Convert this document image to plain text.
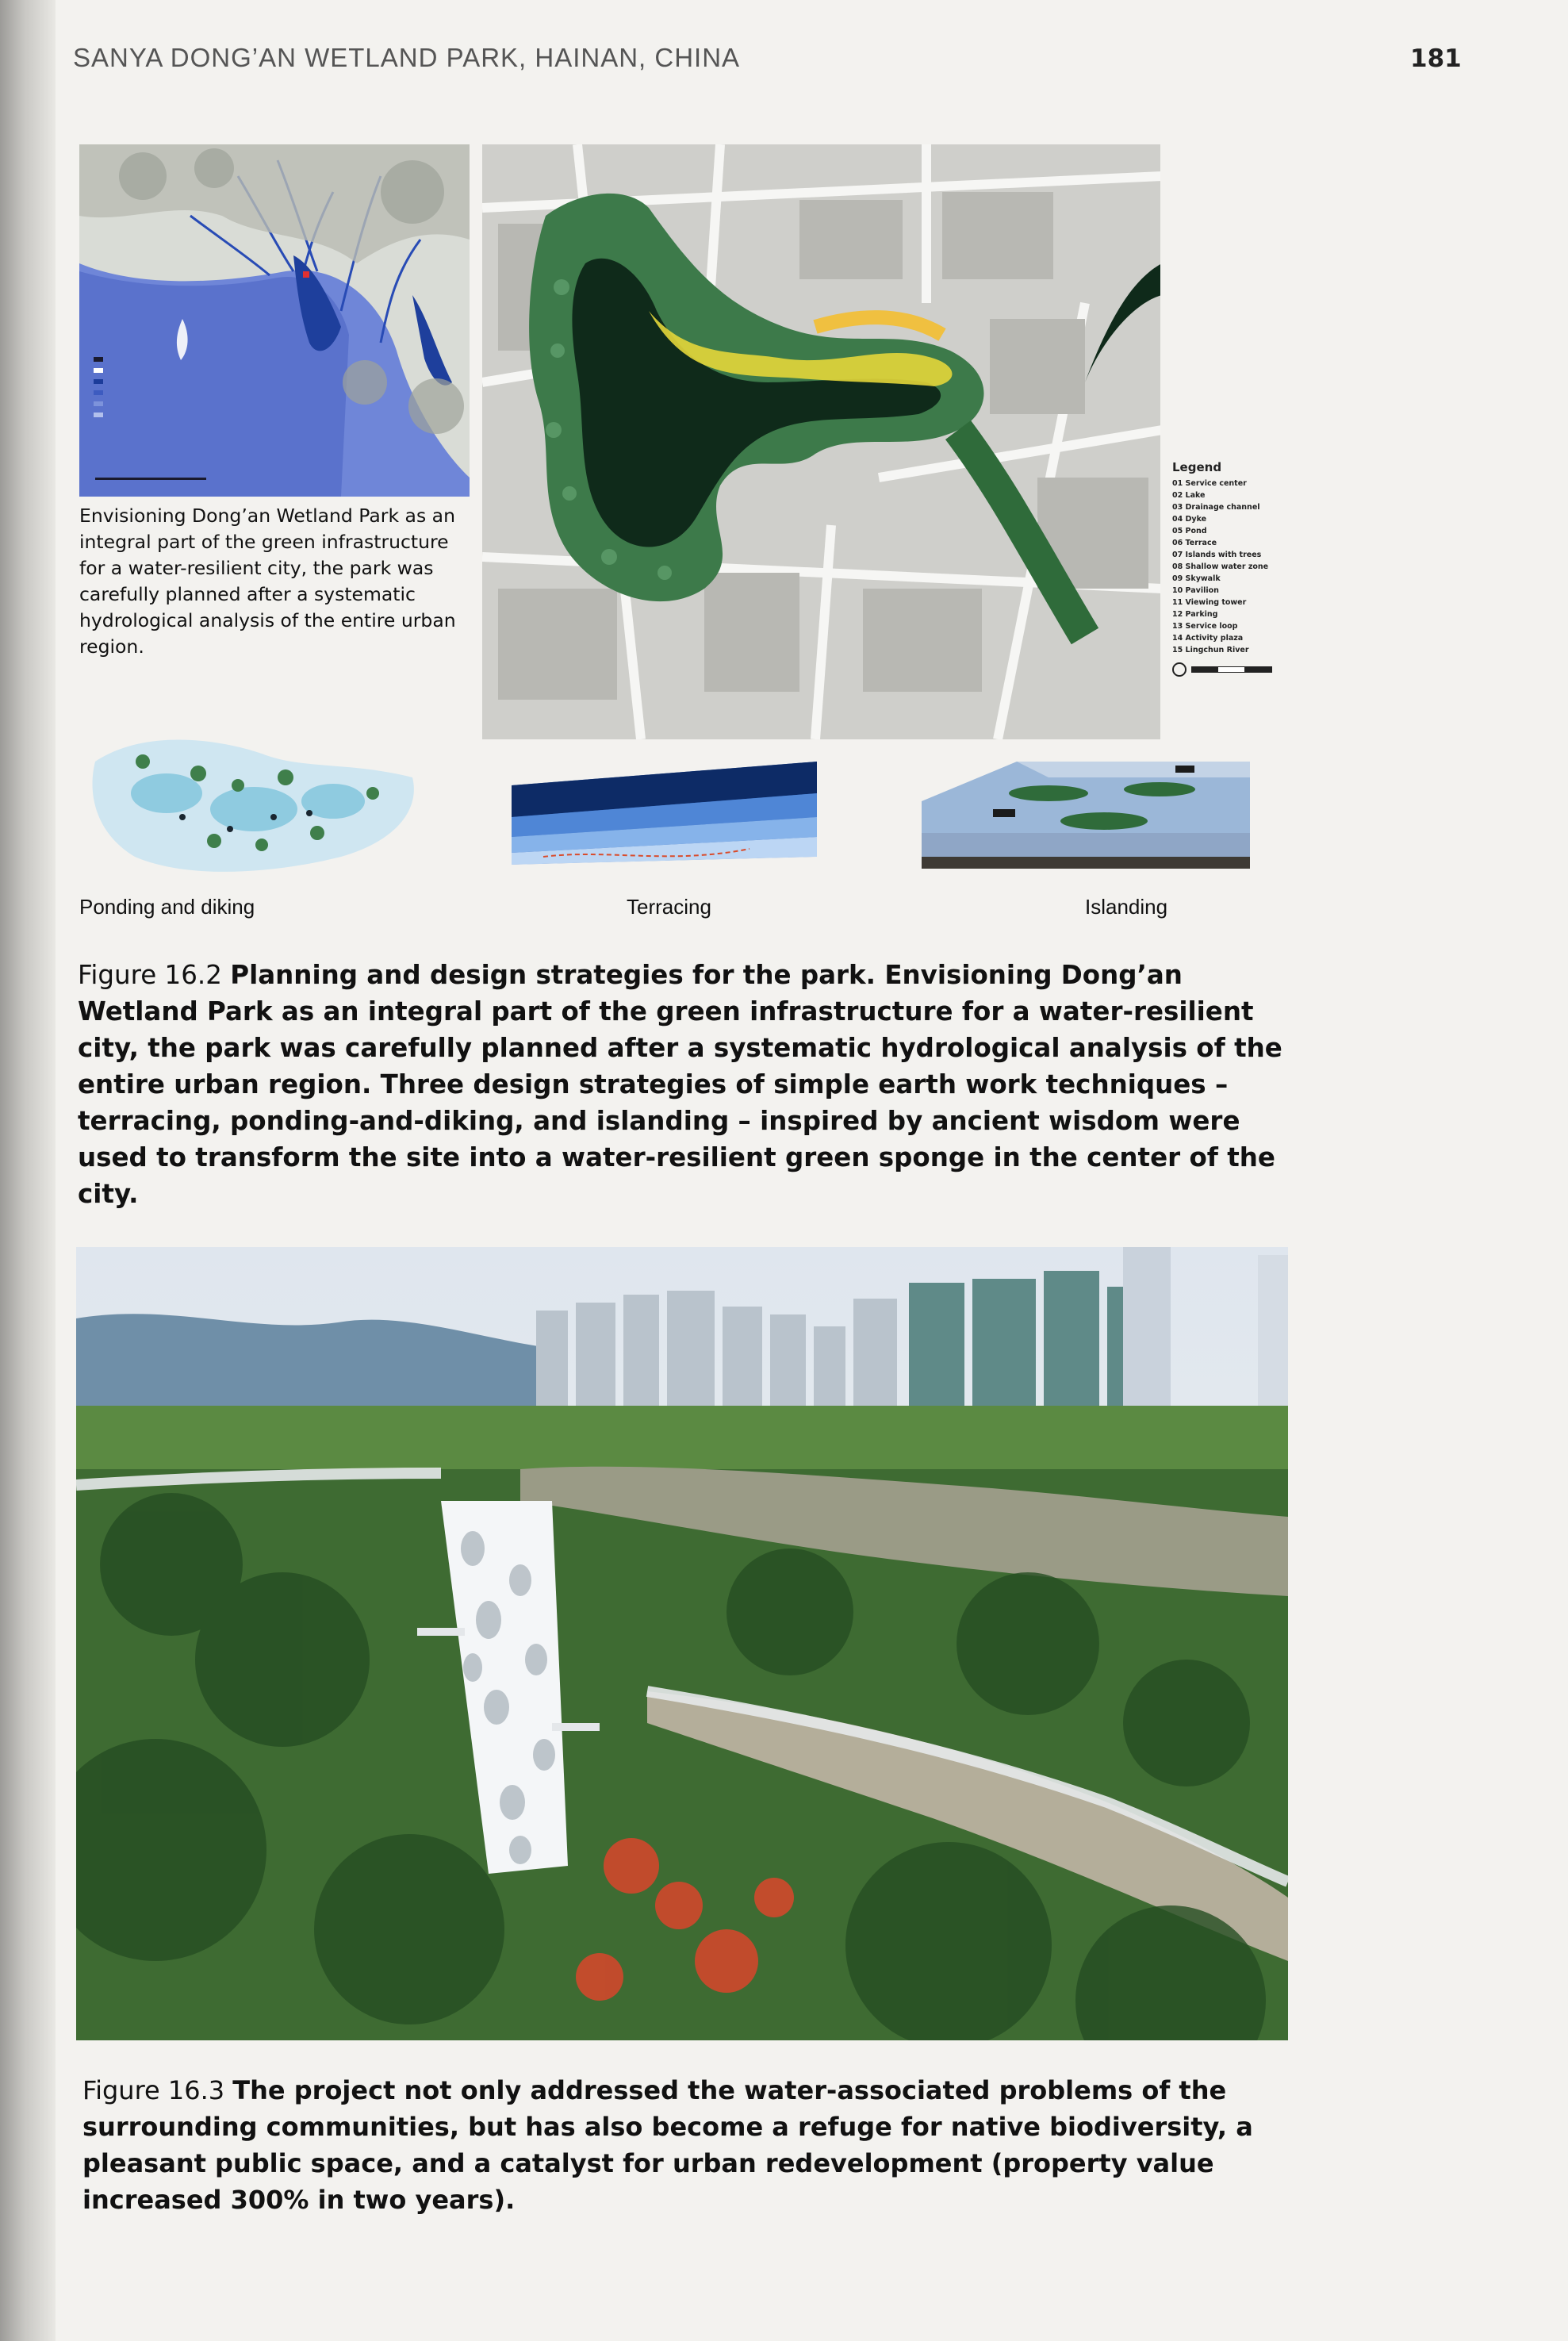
SANYA DONG’AN WETLAND PARK, HAINAN, CHINA	181
Envisioning Dong’an Wetland Park as an integral part of the green infrastructure for a water-resilient city, the park was carefully planned after a systematic hydrological analysis of the entire urban region.
Legend
01 Service center
02 Lake
03 Drainage channel
04 Dyke
05 Pond
06 Terrace
07 Islands with trees
08 Shallow water zone
09 Skywalk
10 Pavilion
11 Viewing tower
12 Parking
13 Service loop
14 Activity plaza
15 Lingchun River
Ponding and diking	Terracing	Islanding
Figure 16.2 Planning and design strategies for the park. Envisioning Dong’an Wetland Park as an integral part of the green infrastructure for a water-resilient city, the park was carefully planned after a systematic hydrological analysis of the entire urban region. Three design strategies of simple earth work techniques – terracing, ponding-and-diking, and islanding – inspired by ancient wisdom were used to transform the site into a water-resilient green sponge in the center of the city.
Figure 16.3 The project not only addressed the water-associated problems of the surrounding communities, but has also become a refuge for native biodiversity, a pleasant public space, and a catalyst for urban redevelopment (property value increased 300% in two years).
